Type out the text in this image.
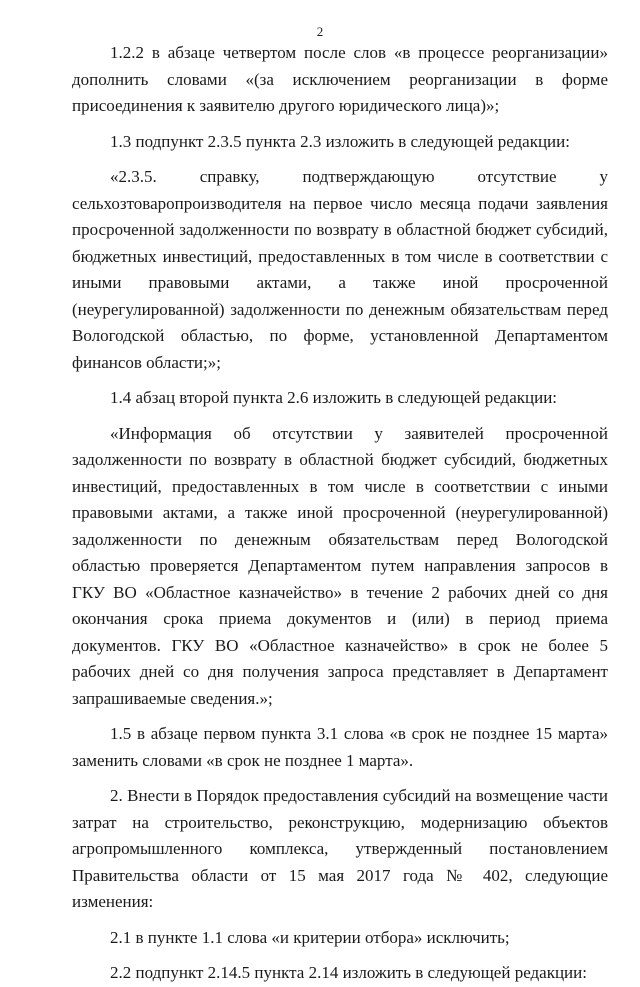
2

1.2.2 в абзаце четвертом после слов «в процессе реорганизации» дополнить словами «(за исключением реорганизации в форме присоединения к заявителю другого юридического лица)»;

1.3 подпункт 2.3.5 пункта 2.3 изложить в следующей редакции:

«2.3.5. справку, подтверждающую отсутствие у сельхозтоваропроизводителя на первое число месяца подачи заявления просроченной задолженности по возврату в областной бюджет субсидий, бюджетных инвестиций, предоставленных в том числе в соответствии с иными правовыми актами, а также иной просроченной (неурегулированной) задолженности по денежным обязательствам перед Вологодской областью, по форме, установленной Департаментом финансов области;»;

1.4 абзац второй пункта 2.6 изложить в следующей редакции:

«Информация об отсутствии у заявителей просроченной задолженности по возврату в областной бюджет субсидий, бюджетных инвестиций, предоставленных в том числе в соответствии с иными правовыми актами, а также иной просроченной (неурегулированной) задолженности по денежным обязательствам перед Вологодской областью проверяется Департаментом путем направления запросов в ГКУ ВО «Областное казначейство» в течение 2 рабочих дней со дня окончания срока приема документов и (или) в период приема документов. ГКУ ВО «Областное казначейство» в срок не более 5 рабочих дней со дня получения запроса представляет в Департамент запрашиваемые сведения.»;

1.5 в абзаце первом пункта 3.1 слова «в срок не позднее 15 марта» заменить словами «в срок не позднее 1 марта».

2. Внести в Порядок предоставления субсидий на возмещение части затрат на строительство, реконструкцию, модернизацию объектов агропромышленного комплекса, утвержденный постановлением Правительства области от 15 мая 2017 года № 402, следующие изменения:

2.1 в пункте 1.1 слова «и критерии отбора» исключить;

2.2 подпункт 2.14.5 пункта 2.14 изложить в следующей редакции:
